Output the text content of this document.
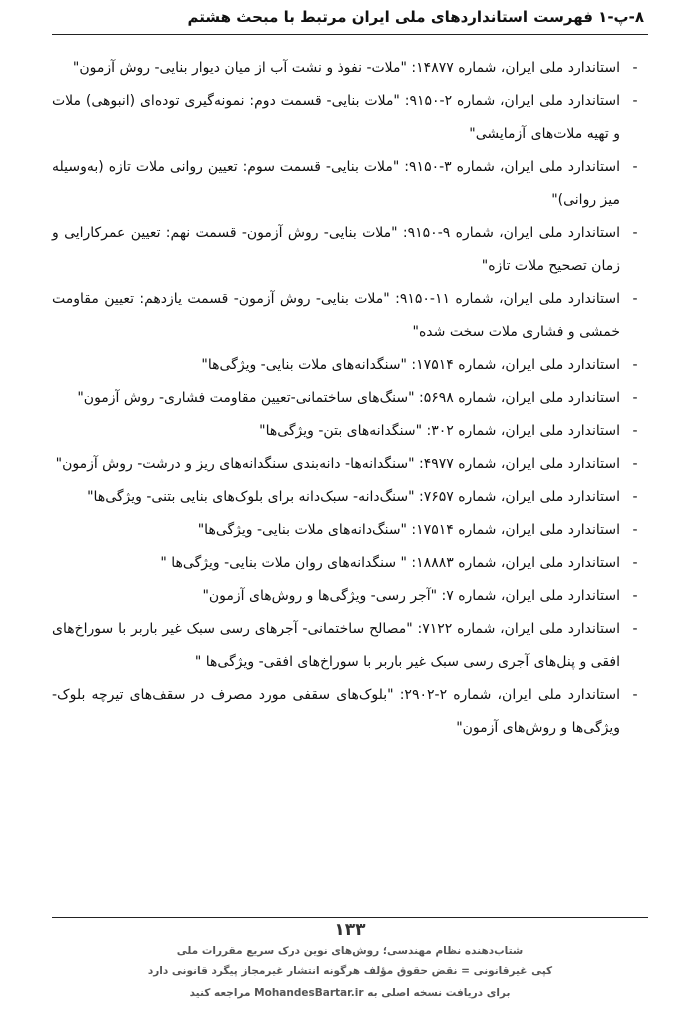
۸-پ-۱ فهرست استانداردهای ملی ایران مرتبط با مبحث هشتم
-
استاندارد ملی ایران، شماره ۱۴۸۷۷: "ملات- نفوذ و نشت آب از میان دیوار بنایی- روش آزمون"
-
استاندارد ملی ایران، شماره ۲-۹۱۵۰: "ملات بنایی- قسمت دوم: نمونه‌گیری توده‌ای (انبوهی) ملات و تهیه ملات‌های آزمایشی"
-
استاندارد ملی ایران، شماره ۳-۹۱۵۰: "ملات بنایی- قسمت سوم: تعیین روانی ملات تازه (به‌وسیله میز روانی)"
-
استاندارد ملی ایران، شماره ۹-۹۱۵۰: "ملات بنایی- روش آزمون- قسمت نهم: تعیین عمرکارایی و زمان تصحیح ملات تازه"
-
استاندارد ملی ایران، شماره ۱۱-۹۱۵۰: "ملات بنایی- روش آزمون- قسمت یازدهم: تعیین مقاومت خمشی و فشاری ملات سخت شده"
-
استاندارد ملی ایران، شماره ۱۷۵۱۴: "سنگدانه‌های ملات بنایی- ویژگی‌ها"
-
استاندارد ملی ایران، شماره ۵۶۹۸: "سنگ‌های ساختمانی-تعیین مقاومت فشاری- روش آزمون"
-
استاندارد ملی ایران، شماره ۳۰۲: "سنگدانه‌های بتن- ویژگی‌ها"
-
استاندارد ملی ایران، شماره ۴۹۷۷: "سنگدانه‌ها- دانه‌بندی سنگدانه‌های ریز و درشت- روش آزمون"
-
استاندارد ملی ایران، شماره ۷۶۵۷: "سنگ‌دانه- سبک‌دانه برای بلوک‌های بنایی بتنی- ویژگی‌ها"
-
استاندارد ملی ایران، شماره ۱۷۵۱۴: "سنگ‌دانه‌های ملات بنایی- ویژگی‌ها"
-
استاندارد ملی ایران، شماره ۱۸۸۸۳: " سنگدانه‌های روان ملات بنایی- ویژگی‌ها "
-
استاندارد ملی ایران، شماره ۷: "آجر رسی- ویژگی‌ها و روش‌های آزمون"
-
استاندارد ملی ایران، شماره ۷۱۲۲: "مصالح ساختمانی- آجرهای رسی سبک غیر باربر با سوراخ‌های افقی و پنل‌های آجری رسی سبک غیر باربر با سوراخ‌های افقی- ویژگی‌ها "
-
استاندارد ملی ایران، شماره ۲-۲۹۰۲: "بلوک‌های سقفی مورد مصرف در سقف‌های تیرچه بلوک- ویژگی‌ها و روش‌های آزمون"
۱۳۳
شتاب‌دهنده نظام مهندسی؛ روش‌های نوین درک سریع مقررات ملی
کپی غیرقانونی = نقض حقوق مؤلف هرگونه انتشار غیرمجاز پیگرد قانونی دارد
برای دریافت نسخه اصلی به MohandesBartar.ir مراجعه کنید
